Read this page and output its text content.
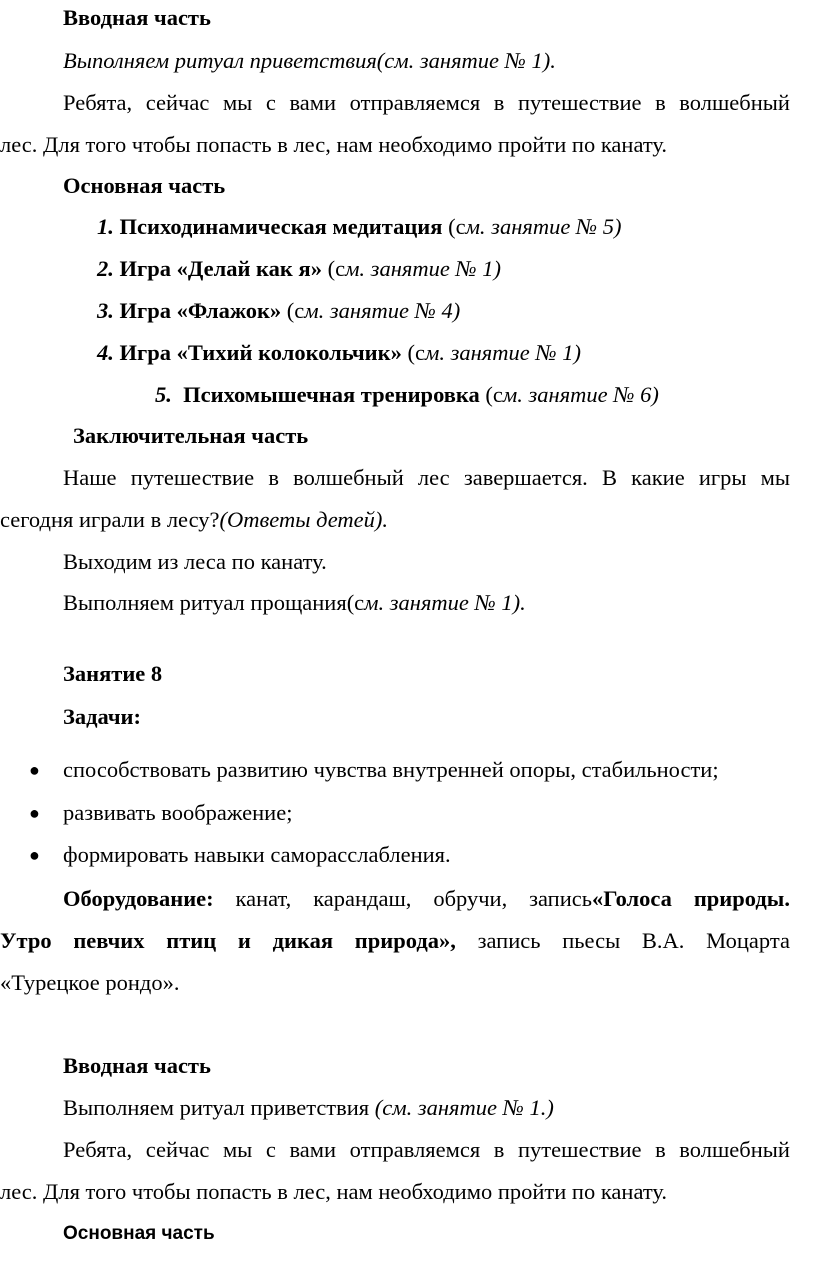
Вводная часть
Выполняем ритуал приветствия(см. занятие № 1).
Ребята, сейчас мы с вами отправляемся в путешествие в волшебный
лес. Для того чтобы попасть в лес, нам необходимо пройти по канату.
Основная часть
1. Психодинамическая медитация (см. занятие № 5)
2. Игра «Делай как я» (см. занятие № 1)
3. Игра «Флажок» (см. занятие № 4)
4. Игра «Тихий колокольчик» (см. занятие № 1)
5. Психомышечная тренировка (см. занятие № 6)
Заключительная часть
Наше путешествие в волшебный лес завершается. В какие игры мы
сегодня играли в лесу?(Ответы детей).
Выходим из леса по канату.
Выполняем ритуал прощания(см. занятие № 1).
Занятие 8
Задачи:
● способствовать развитию чувства внутренней опоры, стабильности;
● развивать воображение;
● формировать навыки саморасслабления.
Оборудование: канат, карандаш, обручи, запись«Голоса природы.
Утро певчих птиц и дикая природа», запись пьесы В.А. Моцарта
«Турецкое рондо».
Вводная часть
Выполняем ритуал приветствия (см. занятие № 1.)
Ребята, сейчас мы с вами отправляемся в путешествие в волшебный
лес. Для того чтобы попасть в лес, нам необходимо пройти по канату.
Основная часть
